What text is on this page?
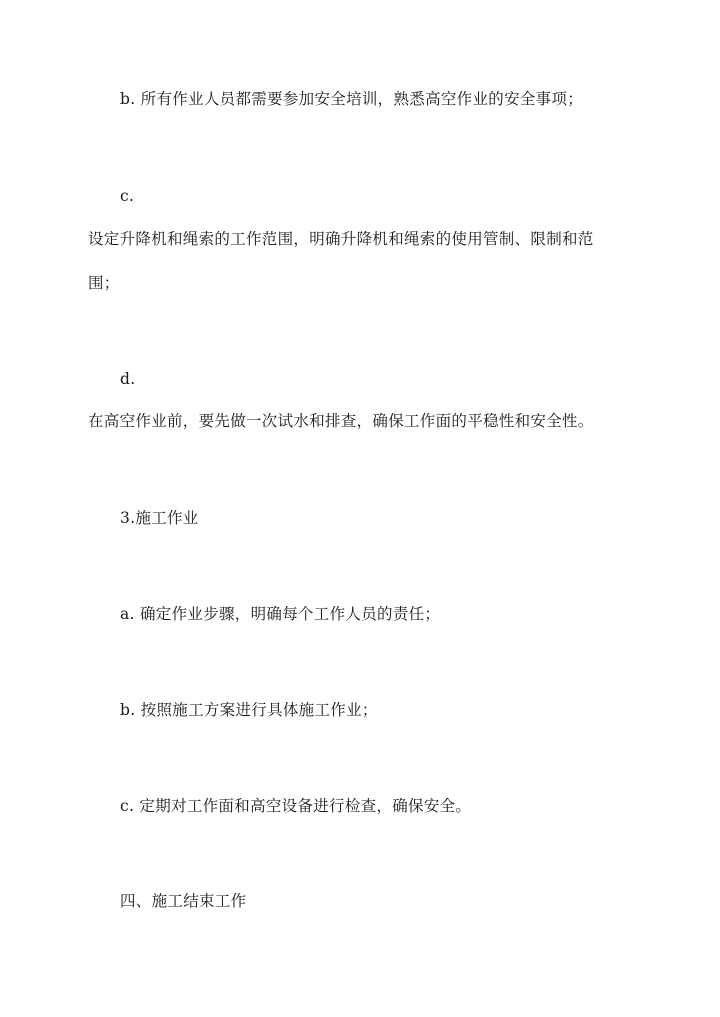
b. 所有作业人员都需要参加安全培训，熟悉高空作业的安全事项；
c.
设定升降机和绳索的工作范围，明确升降机和绳索的使用管制、限制和范
围；
d.
在高空作业前，要先做一次试水和排查，确保工作面的平稳性和安全性。
3.施工作业
a. 确定作业步骤，明确每个工作人员的责任；
b. 按照施工方案进行具体施工作业；
c. 定期对工作面和高空设备进行检查，确保安全。
四、施工结束工作
